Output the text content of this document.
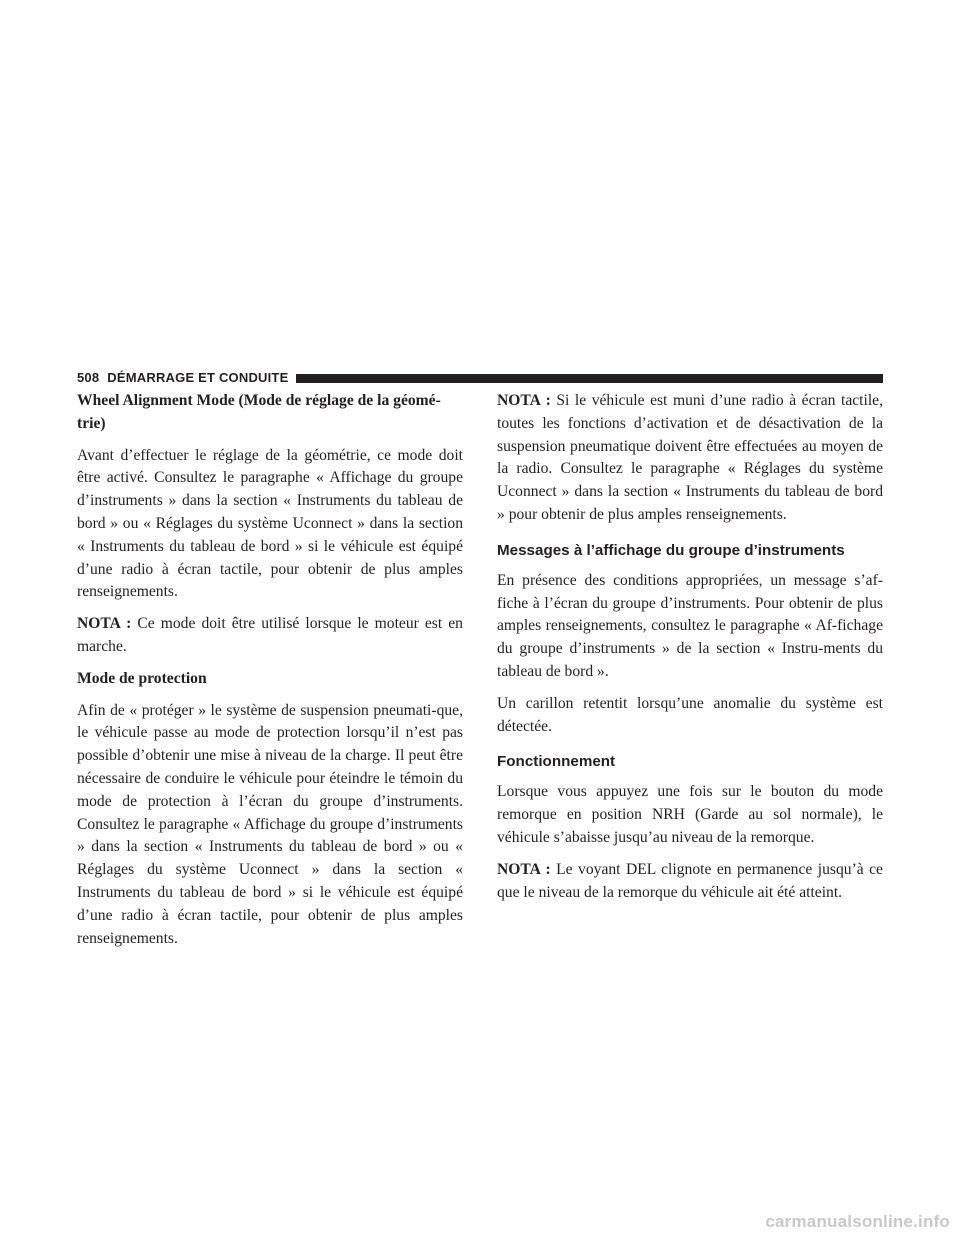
508 DÉMARRAGE ET CONDUITE

Wheel Alignment Mode (Mode de réglage de la géomé-trie)

Avant d’effectuer le réglage de la géométrie, ce mode doit être activé. Consultez le paragraphe « Affichage du groupe d’instruments » dans la section « Instruments du tableau de bord » ou « Réglages du système Uconnect » dans la section « Instruments du tableau de bord » si le véhicule est équipé d’une radio à écran tactile, pour obtenir de plus amples renseignements.

NOTA : Ce mode doit être utilisé lorsque le moteur est en marche.

Mode de protection

Afin de « protéger » le système de suspension pneumati-que, le véhicule passe au mode de protection lorsqu’il n’est pas possible d’obtenir une mise à niveau de la charge. Il peut être nécessaire de conduire le véhicule pour éteindre le témoin du mode de protection à l’écran du groupe d’instruments. Consultez le paragraphe « Affichage du groupe d’instruments » dans la section « Instruments du tableau de bord » ou « Réglages du système Uconnect » dans la section « Instruments du tableau de bord » si le véhicule est équipé d’une radio à écran tactile, pour obtenir de plus amples renseignements.

NOTA : Si le véhicule est muni d’une radio à écran tactile, toutes les fonctions d’activation et de désactivation de la suspension pneumatique doivent être effectuées au moyen de la radio. Consultez le paragraphe « Réglages du système Uconnect » dans la section « Instruments du tableau de bord » pour obtenir de plus amples renseignements.

Messages à l’affichage du groupe d’instruments

En présence des conditions appropriées, un message s’af-fiche à l’écran du groupe d’instruments. Pour obtenir de plus amples renseignements, consultez le paragraphe « Af-fichage du groupe d’instruments » de la section « Instru-ments du tableau de bord ».

Un carillon retentit lorsqu’une anomalie du système est détectée.

Fonctionnement

Lorsque vous appuyez une fois sur le bouton du mode remorque en position NRH (Garde au sol normale), le véhicule s’abaisse jusqu’au niveau de la remorque.

NOTA : Le voyant DEL clignote en permanence jusqu’à ce que le niveau de la remorque du véhicule ait été atteint.

carmanualsonline.info
